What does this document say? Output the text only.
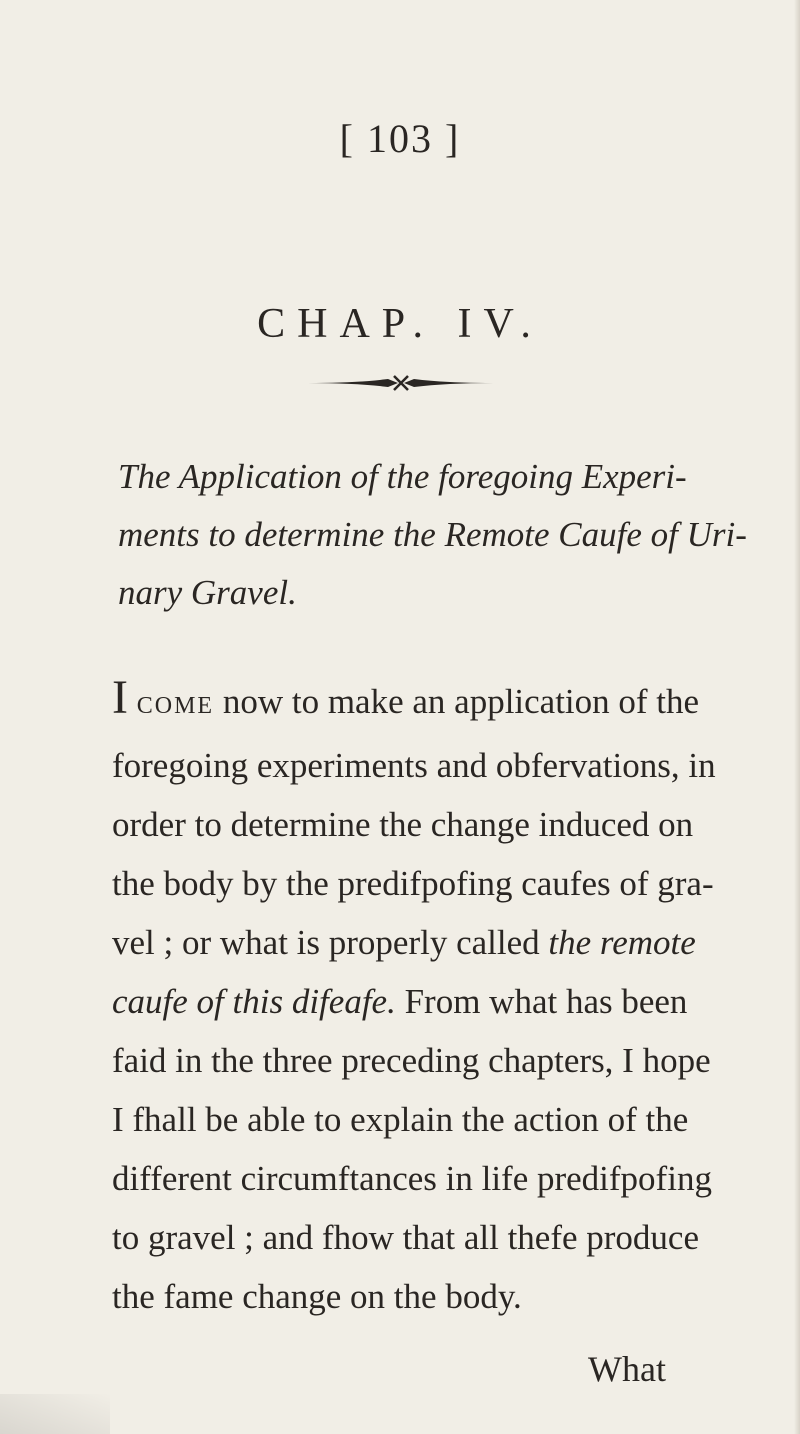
[ 103 ]
CHAP. IV.
The Application of the foregoing Experi-
ments to determine the Remote Caufe of Uri-
nary Gravel.
I COME now to make an application of the
foregoing experiments and obfervations, in
order to determine the change induced on
the body by the predifpofing caufes of gra-
vel ; or what is properly called the remote
caufe of this difeafe. From what has been
faid in the three preceding chapters, I hope
I fhall be able to explain the action of the
different circumftances in life predifpofing
to gravel ; and fhow that all thefe produce
the fame change on the body.
What
